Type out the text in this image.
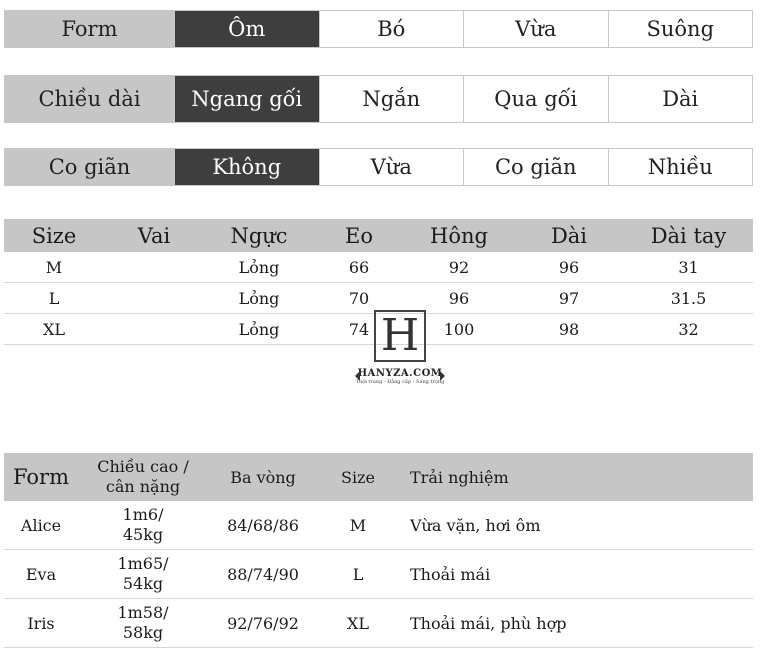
Form	Ôm	Bó	Vừa	Suông
Chiều dài	Ngang gối	Ngắn	Qua gối	Dài
Co giãn	Không	Vừa	Co giãn	Nhiều
Size	Vai	Ngực	Eo	Hông	Dài	Dài tay
M		Lỏng	66	92	96	31
L		Lỏng	70	96	97	31.5
XL		Lỏng	74	100	98	32
H
HANYZA.COM
Thời trang - Đẳng cấp - Sang trọng
Form	Chiều cao / cân nặng	Ba vòng	Size	Trải nghiệm
Alice	1m6/ 45kg	84/68/86	M	Vừa vặn, hơi ôm
Eva	1m65/ 54kg	88/74/90	L	Thoải mái
Iris	1m58/ 58kg	92/76/92	XL	Thoải mái, phù hợp
